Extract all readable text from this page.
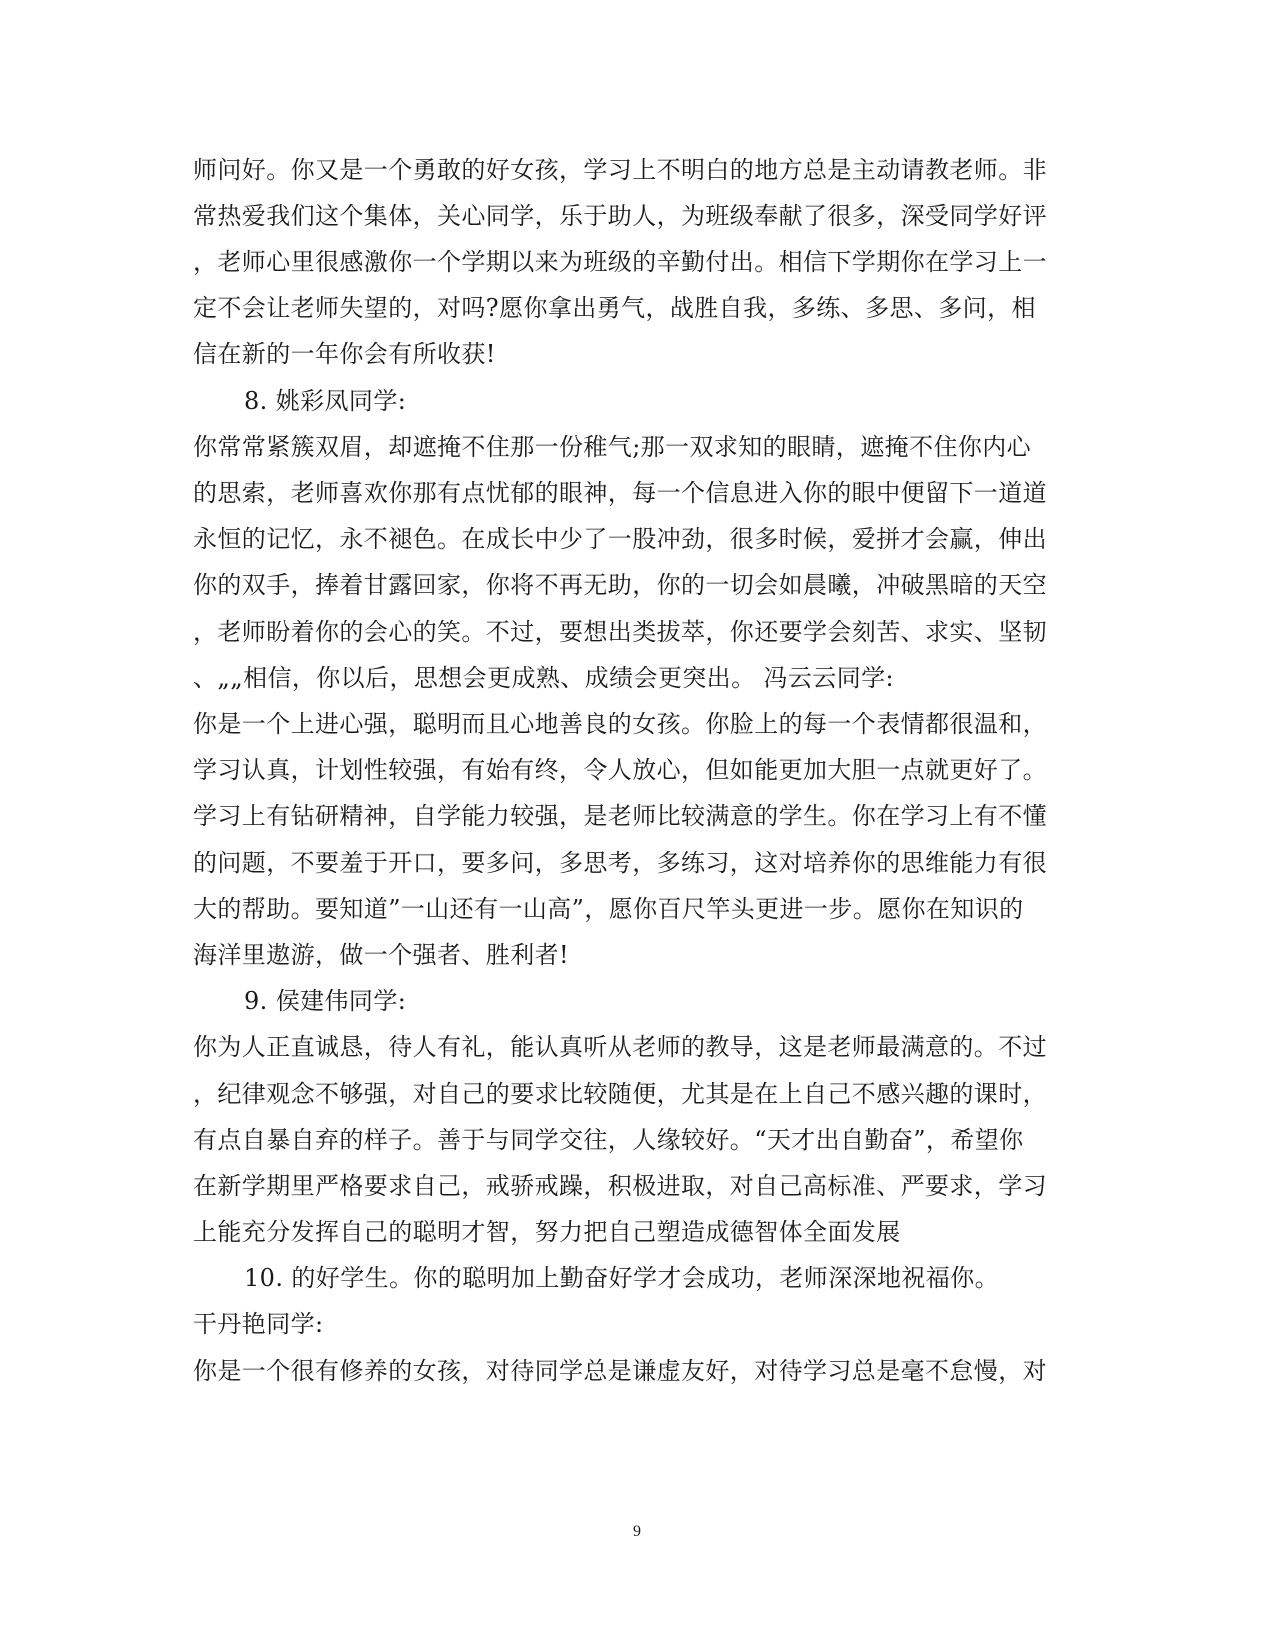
师问好。你又是一个勇敢的好女孩，学习上不明白的地方总是主动请教老师。非
常热爱我们这个集体，关心同学，乐于助人，为班级奉献了很多，深受同学好评
，老师心里很感激你一个学期以来为班级的辛勤付出。相信下学期你在学习上一
定不会让老师失望的，对吗?愿你拿出勇气，战胜自我，多练、多思、多问，相
信在新的一年你会有所收获!
8. 姚彩凤同学:
你常常紧簇双眉，却遮掩不住那一份稚气;那一双求知的眼睛，遮掩不住你内心
的思索，老师喜欢你那有点忧郁的眼神，每一个信息进入你的眼中便留下一道道
永恒的记忆，永不褪色。在成长中少了一股冲劲，很多时候，爱拼才会赢，伸出
你的双手，捧着甘露回家，你将不再无助，你的一切会如晨曦，冲破黑暗的天空
，老师盼着你的会心的笑。不过，要想出类拔萃，你还要学会刻苦、求实、坚韧
、„„相信，你以后，思想会更成熟、成绩会更突出。 冯云云同学:
你是一个上进心强，聪明而且心地善良的女孩。你脸上的每一个表情都很温和，
学习认真，计划性较强，有始有终，令人放心，但如能更加大胆一点就更好了。
学习上有钻研精神，自学能力较强，是老师比较满意的学生。你在学习上有不懂
的问题，不要羞于开口，要多问，多思考，多练习，这对培养你的思维能力有很
大的帮助。要知道”一山还有一山高”，愿你百尺竿头更进一步。愿你在知识的
海洋里遨游，做一个强者、胜利者!
9. 侯建伟同学:
你为人正直诚恳，待人有礼，能认真听从老师的教导，这是老师最满意的。不过
，纪律观念不够强，对自己的要求比较随便，尤其是在上自己不感兴趣的课时，
有点自暴自弃的样子。善于与同学交往，人缘较好。“天才出自勤奋”，希望你
在新学期里严格要求自己，戒骄戒躁，积极进取，对自己高标准、严要求，学习
上能充分发挥自己的聪明才智，努力把自己塑造成德智体全面发展
10. 的好学生。你的聪明加上勤奋好学才会成功，老师深深地祝福你。
干丹艳同学:
你是一个很有修养的女孩，对待同学总是谦虚友好，对待学习总是毫不怠慢，对
9
